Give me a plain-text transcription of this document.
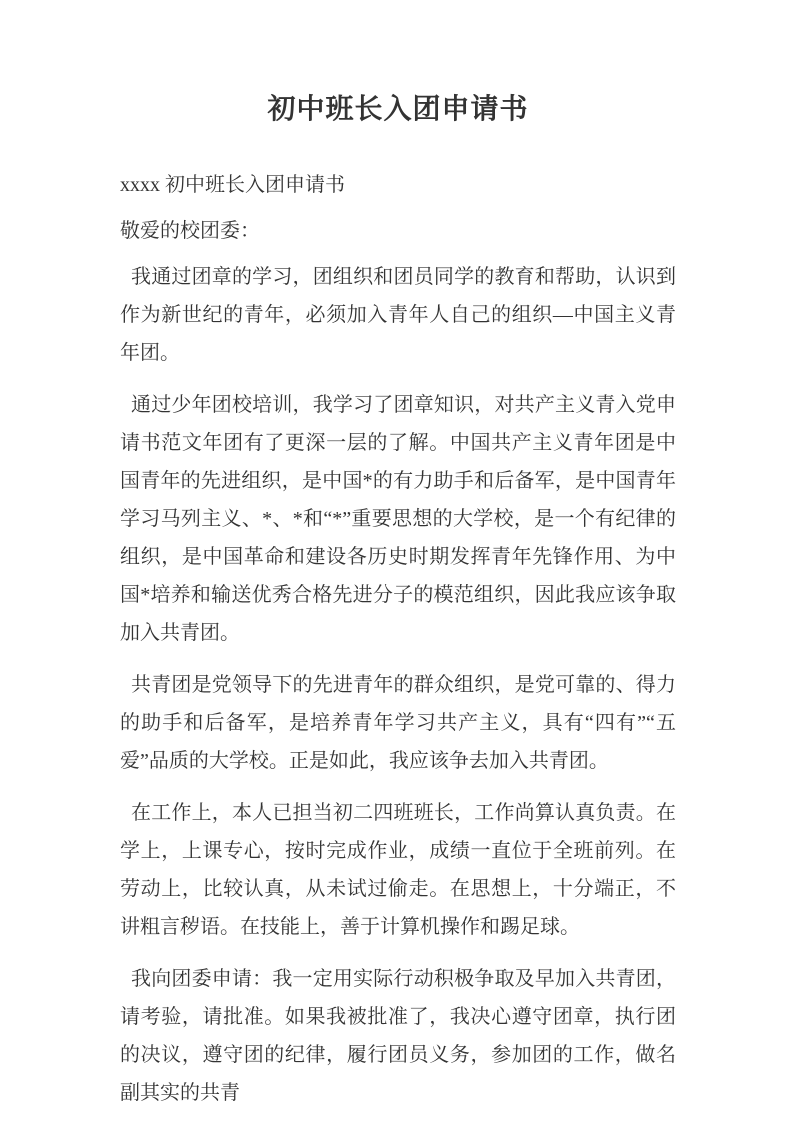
初中班长入团申请书
xxxx 初中班长入团申请书
敬爱的校团委：

我通过团章的学习，团组织和团员同学的教育和帮助，认识到作为新世纪的青年，必须加入青年人自己的组织—中国主义青年团。

通过少年团校培训，我学习了团章知识，对共产主义青入党申请书范文年团有了更深一层的了解。中国共产主义青年团是中国青年的先进组织，是中国*的有力助手和后备军，是中国青年学习马列主义、*、*和“*”重要思想的大学校，是一个有纪律的组织，是中国革命和建设各历史时期发挥青年先锋作用、为中国*培养和输送优秀合格先进分子的模范组织，因此我应该争取加入共青团。

共青团是党领导下的先进青年的群众组织，是党可靠的、得力的助手和后备军，是培养青年学习共产主义，具有“四有”“五爱”品质的大学校。正是如此，我应该争去加入共青团。

在工作上，本人已担当初二四班班长，工作尚算认真负责。在学上，上课专心，按时完成作业，成绩一直位于全班前列。在劳动上，比较认真，从未试过偷走。在思想上，十分端正，不讲粗言秽语。在技能上，善于计算机操作和踢足球。

我向团委申请：我一定用实际行动积极争取及早加入共青团，请考验，请批准。如果我被批准了，我决心遵守团章，执行团的决议，遵守团的纪律，履行团员义务，参加团的工作，做名副其实的共青
